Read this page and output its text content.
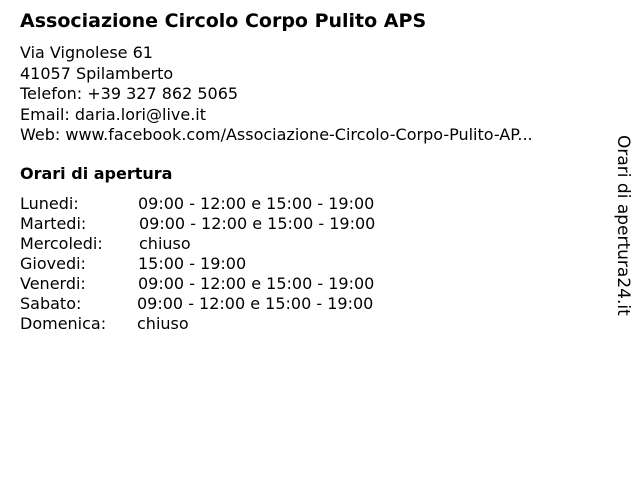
Associazione Circolo Corpo Pulito APS
Via Vignolese 61
41057 Spilamberto
Telefon: +39 327 862 5065
Email: daria.lori@live.it
Web: www.facebook.com/Associazione-Circolo-Corpo-Pulito-AP...
Orari di apertura
Lunedi:	09:00 - 12:00 e 15:00 - 19:00
Martedi:	09:00 - 12:00 e 15:00 - 19:00
Mercoledi: chiuso
Giovedi:	15:00 - 19:00
Venerdi:	09:00 - 12:00 e 15:00 - 19:00
Sabato:	09:00 - 12:00 e 15:00 - 19:00
Domenica: chiuso
Orari di apertura24.it
